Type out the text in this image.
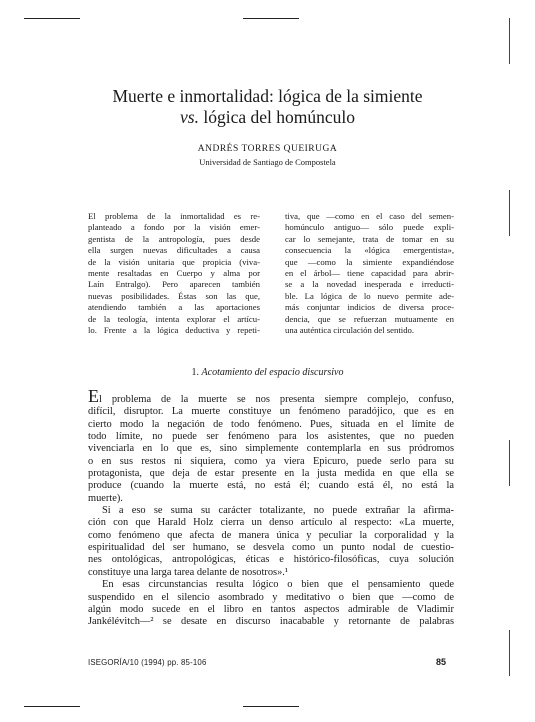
Muerte e inmortalidad: lógica de la simiente
vs. lógica del homúnculo
ANDRÉS TORRES QUEIRUGA
Universidad de Santiago de Compostela
El problema de la inmortalidad es re-
planteado a fondo por la visión emer-
gentista de la antropología, pues desde
ella surgen nuevas dificultades a causa
de la visión unitaria que propicia (viva-
mente resaltadas en Cuerpo y alma por
Laín Entralgo). Pero aparecen también
nuevas posibilidades. Éstas son las que,
atendiendo también a las aportaciones
de la teología, intenta explorar el artícu-
lo. Frente a la lógica deductiva y repeti-
tiva, que —como en el caso del semen-
homúnculo antiguo— sólo puede expli-
car lo semejante, trata de tomar en su
consecuencia la «lógica emergentista»,
que —como la simiente expandiéndose
en el árbol— tiene capacidad para abrir-
se a la novedad inesperada e irreducti-
ble. La lógica de lo nuevo permite ade-
más conjuntar indicios de diversa proce-
dencia, que se refuerzan mutuamente en
una auténtica circulación del sentido.
1. Acotamiento del espacio discursivo
El problema de la muerte se nos presenta siempre complejo, confuso,
difícil, disruptor. La muerte constituye un fenómeno paradójico, que es en
cierto modo la negación de todo fenómeno. Pues, situada en el límite de
todo límite, no puede ser fenómeno para los asistentes, que no pueden
vivenciarla en lo que es, sino simplemente contemplarla en sus pródromos
o en sus restos ni siquiera, como ya viera Epicuro, puede serlo para su
protagonista, que deja de estar presente en la justa medida en que ella se
produce (cuando la muerte está, no está él; cuando está él, no está la
muerte).
Si a eso se suma su carácter totalizante, no puede extrañar la afirma-
ción con que Harald Holz cierra un denso artículo al respecto: «La muerte,
como fenómeno que afecta de manera única y peculiar la corporalidad y la
espiritualidad del ser humano, se desvela como un punto nodal de cuestio-
nes ontológicas, antropológicas, éticas e histórico-filosóficas, cuya solución
constituye una larga tarea delante de nosotros».¹
En esas circunstancias resulta lógico o bien que el pensamiento quede
suspendido en el silencio asombrado y meditativo o bien que —como de
algún modo sucede en el libro en tantos aspectos admirable de Vladimir
Jankélévitch—² se desate en discurso inacabable y retornante de palabras
ISEGORÍA/10 (1994) pp. 85-106	85
